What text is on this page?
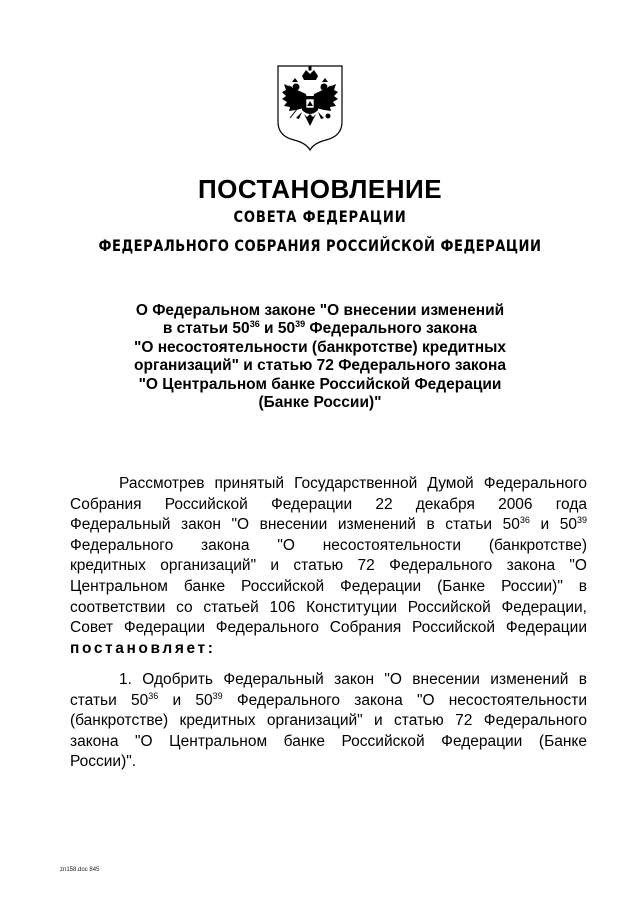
ПОСТАНОВЛЕНИЕ
СОВЕТА ФЕДЕРАЦИИ
ФЕДЕРАЛЬНОГО СОБРАНИЯ РОССИЙСКОЙ ФЕДЕРАЦИИ
О Федеральном законе "О внесении изменений
в статьи $50^{36}$ и $50^{39}$ Федерального закона
"О несостоятельности (банкротстве) кредитных
организаций" и статью 72 Федерального закона
"О Центральном банке Российской Федерации
(Банке России)"
Рассмотрев принятый Государственной Думой Федерального
Собрания Российской Федерации 22 декабря 2006 года
Федеральный закон "О внесении изменений в статьи $50^{36}$ и $50^{39}$
Федерального закона "О несостоятельности (банкротстве)
кредитных организаций" и статью 72 Федерального закона "О
Центральном банке Российской Федерации (Банке России)" в
соответствии со статьей 106 Конституции Российской Федерации,
Совет Федерации Федерального Собрания Российской Федерации
постановляет:
1. Одобрить Федеральный закон "О внесении изменений в
статьи $50^{36}$ и $50^{39}$ Федерального закона "О несостоятельности
(банкротстве) кредитных организаций" и статью 72 Федерального
закона "О Центральном банке Российской Федерации (Банке
России)".
zn158.doc 845
